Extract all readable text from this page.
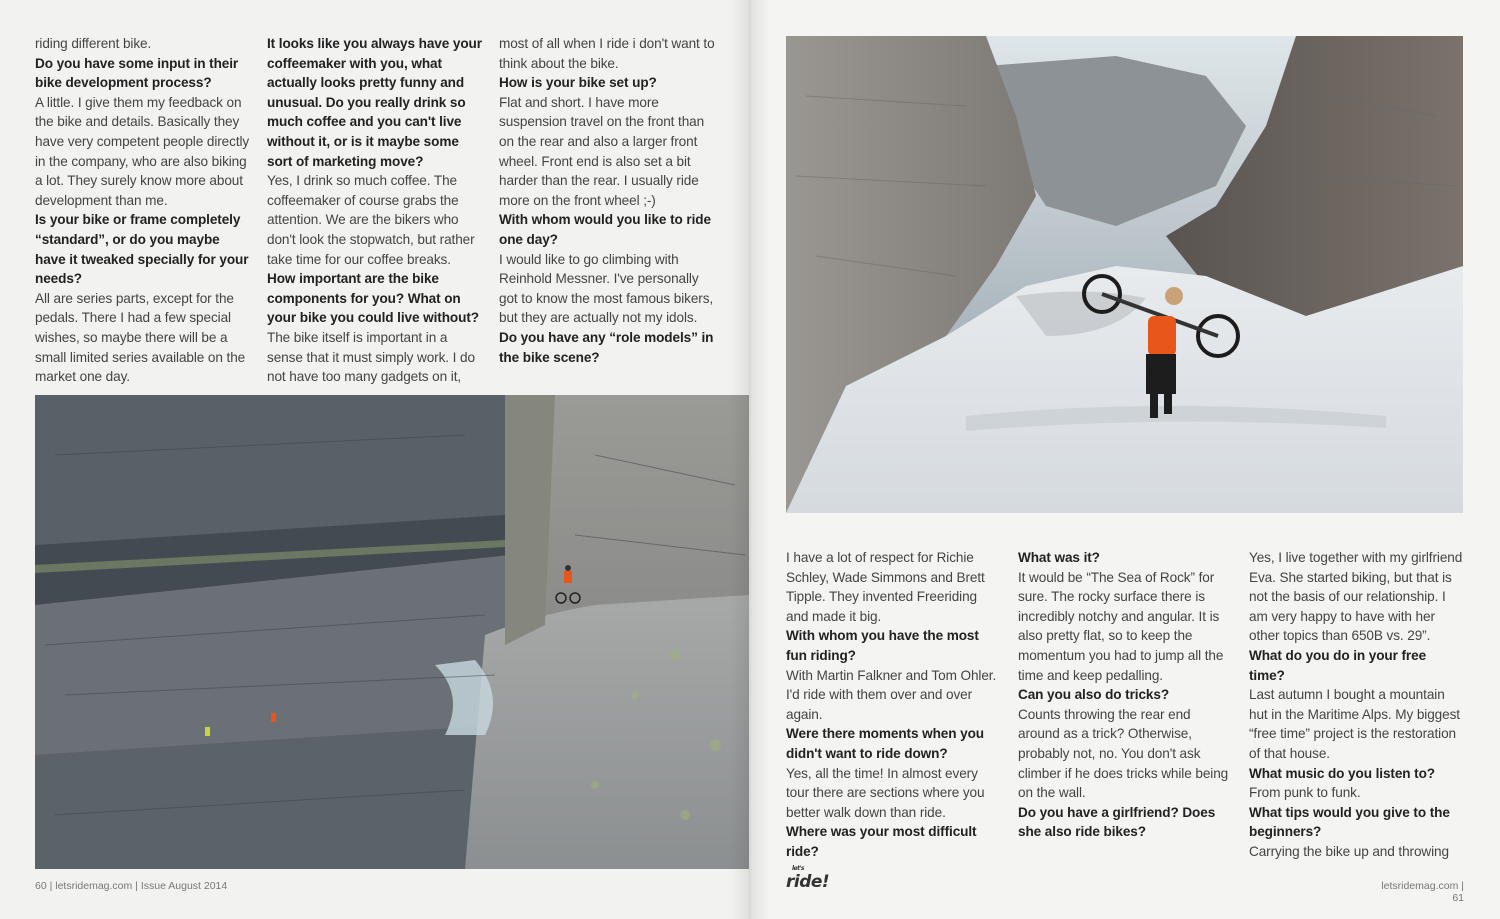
riding different bike.

Do you have some input in their bike development process?

A little. I give them my feedback on the bike and details. Basically they have very competent people directly in the company, who are also biking a lot. They surely know more about development than me.

Is your bike or frame completely “standard”, or do you maybe have it tweaked specially for your needs?

All are series parts, except for the pedals. There I had a few special wishes, so maybe there will be a small limited series available on the market one day.

It looks like you always have your coffeemaker with you, what actually looks pretty funny and unusual. Do you really drink so much coffee and you can't live without it, or is it maybe some sort of marketing move?

Yes, I drink so much coffee. The coffeemaker of course grabs the attention. We are the bikers who don't look the stopwatch, but rather take time for our coffee breaks.

How important are the bike components for you? What on your bike you could live without?

The bike itself is important in a sense that it must simply work. I do not have too many gadgets on it,

most of all when I ride i don't want to think about the bike.

How is your bike set up?

Flat and short. I have more suspension travel on the front than on the rear and also a larger front wheel. Front end is also set a bit harder than the rear. I usually ride more on the front wheel ;-)

With whom would you like to ride one day?

I would like to go climbing with Reinhold Messner. I've personally got to know the most famous bikers, but they are actually not my idols.

Do you have any “role models” in the bike scene?

60 | letsridemag.com | Issue August 2014

I have a lot of respect for Richie Schley, Wade Simmons and Brett Tipple. They invented Freeriding and made it big.

With whom you have the most fun riding?

With Martin Falkner and Tom Ohler. I'd ride with them over and over again.

Were there moments when you didn't want to ride down?

Yes, all the time! In almost every tour there are sections where you better walk down than ride.

Where was your most difficult ride?

What was it?

It would be “The Sea of Rock” for sure. The rocky surface there is incredibly notchy and angular. It is also pretty flat, so to keep the momentum you had to jump all the time and keep pedalling.

Can you also do tricks?

Counts throwing the rear end around as a trick? Otherwise, probably not, no. You don't ask climber if he does tricks while being on the wall.

Do you have a girlfriend? Does she also ride bikes?

Yes, I live together with my girlfriend Eva. She started biking, but that is not the basis of our relationship. I am very happy to have with her other topics than 650B vs. 29”.

What do you do in your free time?

Last autumn I bought a mountain hut in the Maritime Alps. My biggest “free time” project is the restoration of that house.

What music do you listen to?

From punk to funk.

What tips would you give to the beginners?

Carrying the bike up and throwing

letsridemag.com | 61
let's
ride!
